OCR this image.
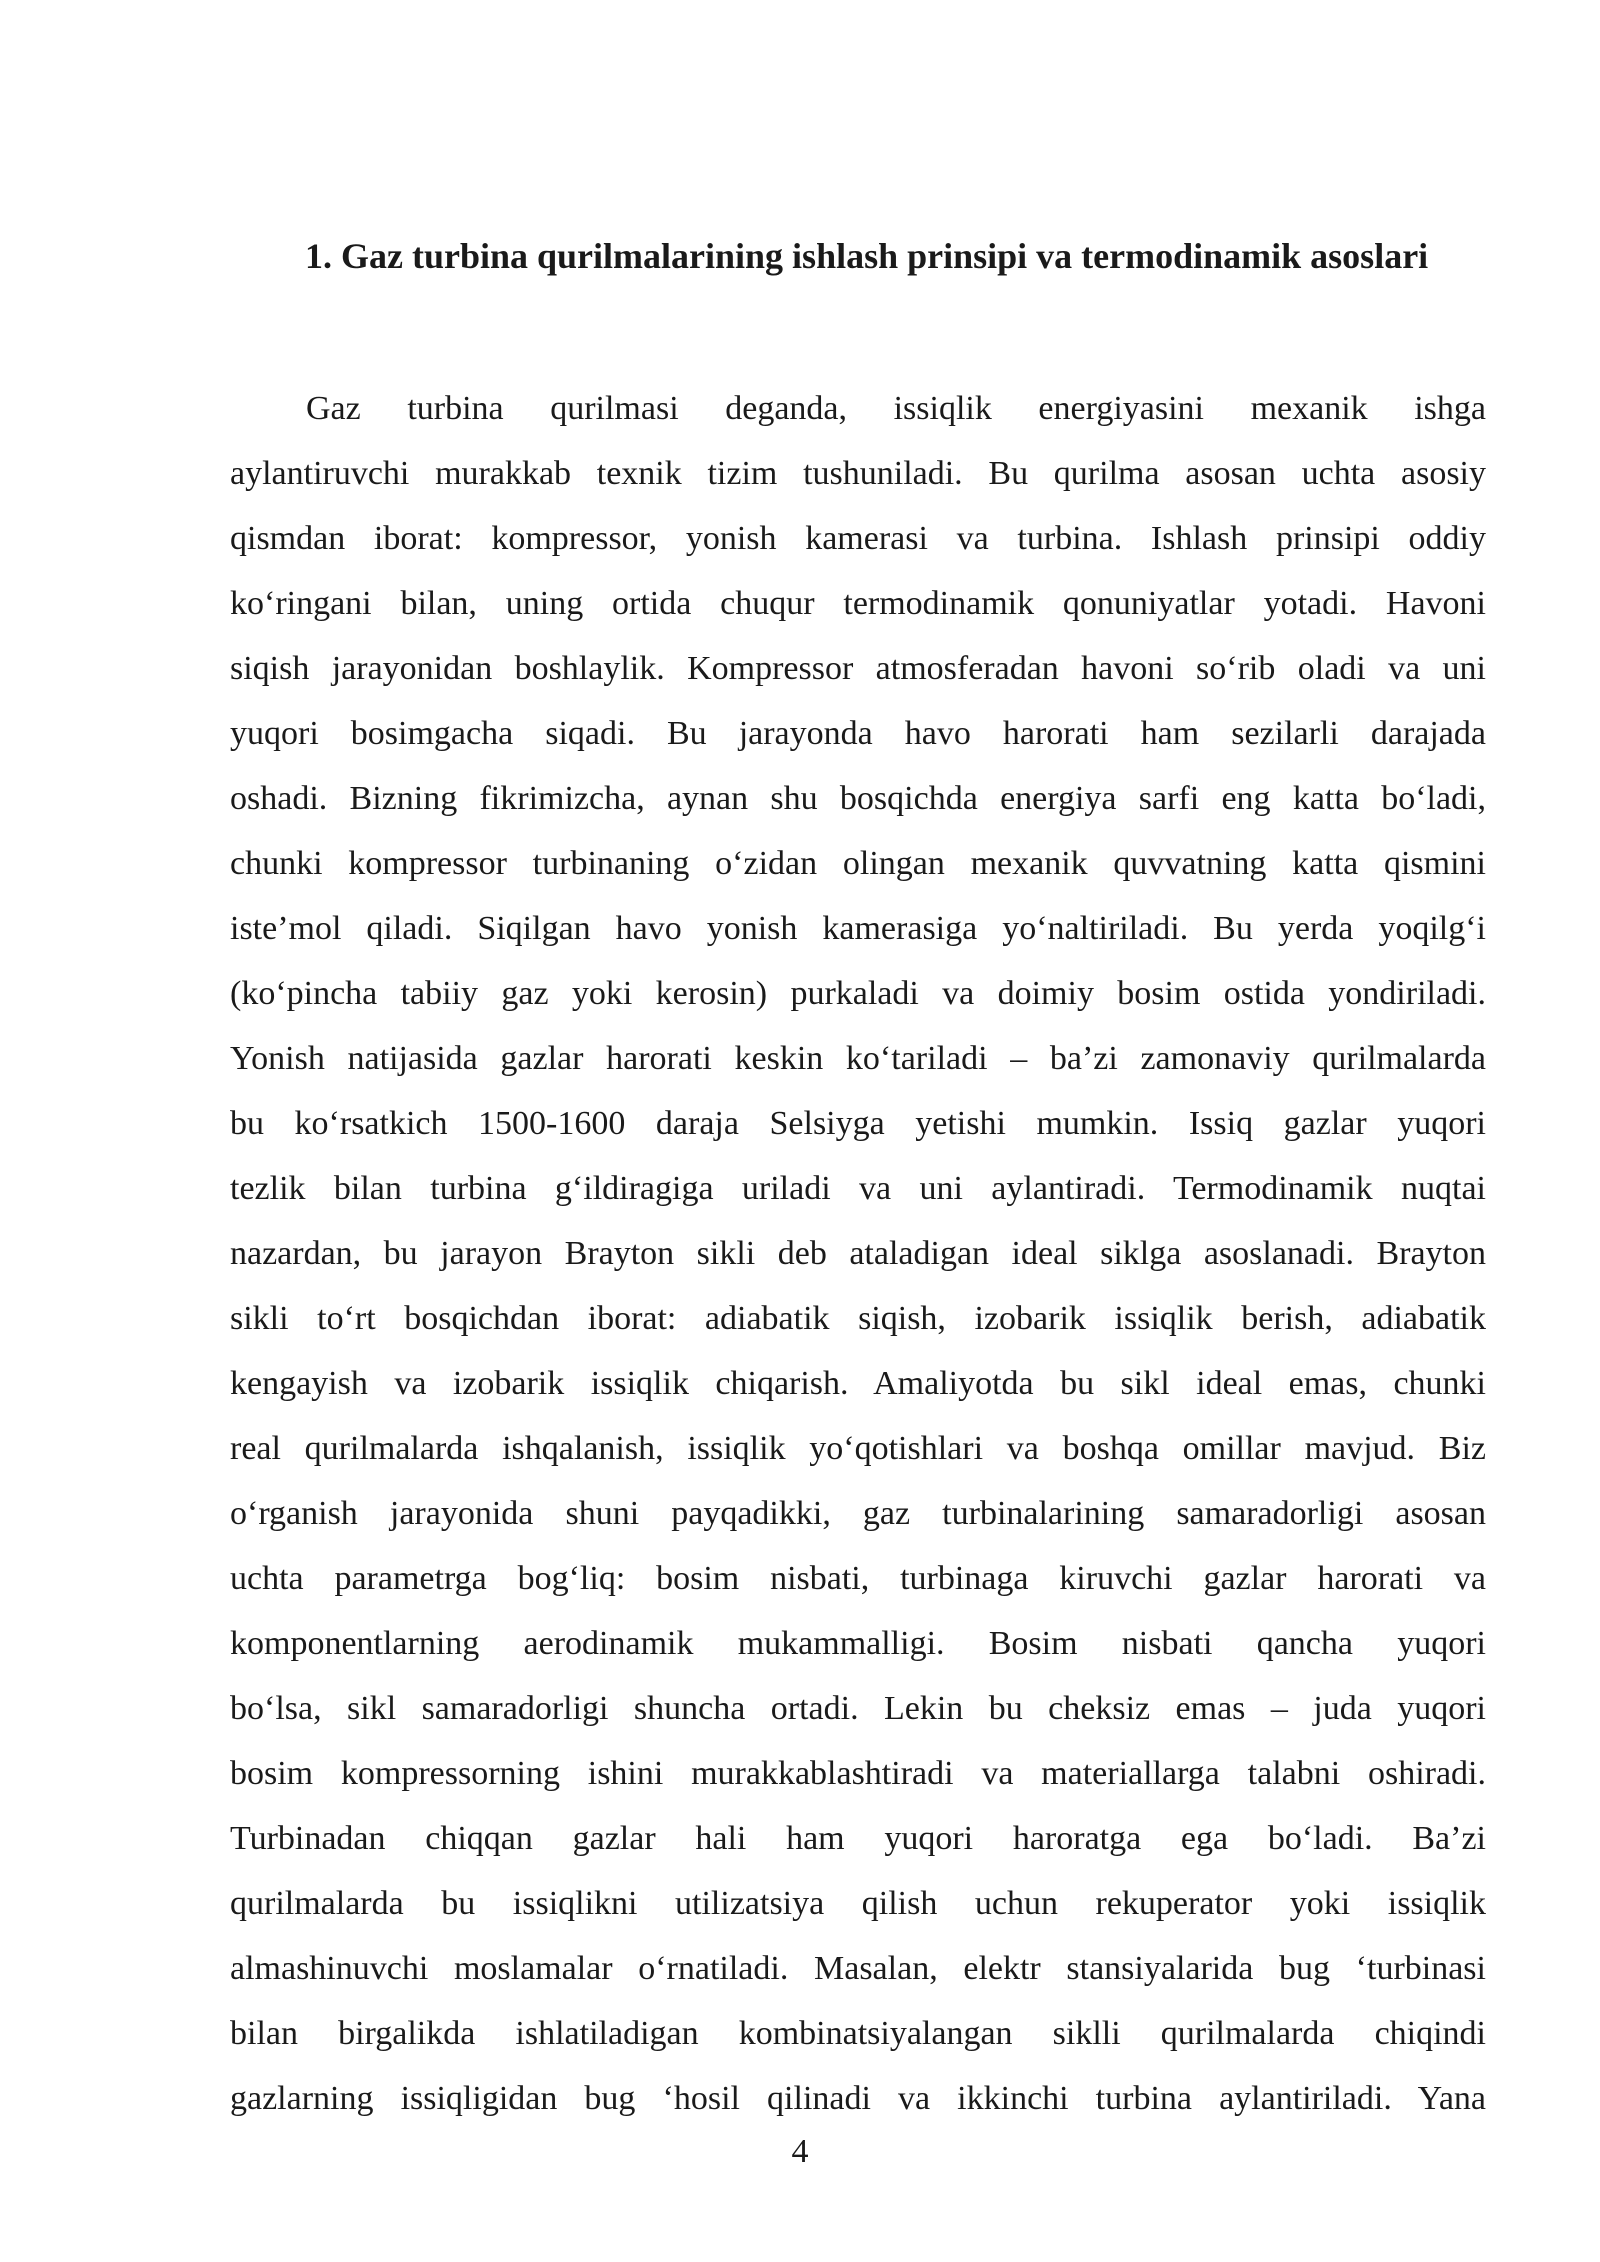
1. Gaz turbina qurilmalarining ishlash prinsipi va termodinamik asoslari
Gaz turbina qurilmasi deganda, issiqlik energiyasini mexanik ishga
aylantiruvchi murakkab texnik tizim tushuniladi. Bu qurilma asosan uchta asosiy
qismdan iborat: kompressor, yonish kamerasi va turbina. Ishlash prinsipi oddiy
ko‘ringani bilan, uning ortida chuqur termodinamik qonuniyatlar yotadi. Havoni
siqish jarayonidan boshlaylik. Kompressor atmosferadan havoni so‘rib oladi va uni
yuqori bosimgacha siqadi. Bu jarayonda havo harorati ham sezilarli darajada
oshadi. Bizning fikrimizcha, aynan shu bosqichda energiya sarfi eng katta bo‘ladi,
chunki kompressor turbinaning o‘zidan olingan mexanik quvvatning katta qismini
iste’mol qiladi. Siqilgan havo yonish kamerasiga yo‘naltiriladi. Bu yerda yoqilg‘i
(ko‘pincha tabiiy gaz yoki kerosin) purkaladi va doimiy bosim ostida yondiriladi.
Yonish natijasida gazlar harorati keskin ko‘tariladi – ba’zi zamonaviy qurilmalarda
bu ko‘rsatkich 1500-1600 daraja Selsiyga yetishi mumkin. Issiq gazlar yuqori
tezlik bilan turbina g‘ildiragiga uriladi va uni aylantiradi. Termodinamik nuqtai
nazardan, bu jarayon Brayton sikli deb ataladigan ideal siklga asoslanadi. Brayton
sikli to‘rt bosqichdan iborat: adiabatik siqish, izobarik issiqlik berish, adiabatik
kengayish va izobarik issiqlik chiqarish. Amaliyotda bu sikl ideal emas, chunki
real qurilmalarda ishqalanish, issiqlik yo‘qotishlari va boshqa omillar mavjud. Biz
o‘rganish jarayonida shuni payqadikki, gaz turbinalarining samaradorligi asosan
uchta parametrga bog‘liq: bosim nisbati, turbinaga kiruvchi gazlar harorati va
komponentlarning aerodinamik mukammalligi. Bosim nisbati qancha yuqori
bo‘lsa, sikl samaradorligi shuncha ortadi. Lekin bu cheksiz emas – juda yuqori
bosim kompressorning ishini murakkablashtiradi va materiallarga talabni oshiradi.
Turbinadan chiqqan gazlar hali ham yuqori haroratga ega bo‘ladi. Ba’zi
qurilmalarda bu issiqlikni utilizatsiya qilish uchun rekuperator yoki issiqlik
almashinuvchi moslamalar o‘rnatiladi. Masalan, elektr stansiyalarida bug ‘turbinasi
bilan birgalikda ishlatiladigan kombinatsiyalangan siklli qurilmalarda chiqindi
gazlarning issiqligidan bug ‘hosil qilinadi va ikkinchi turbina aylantiriladi. Yana
4
